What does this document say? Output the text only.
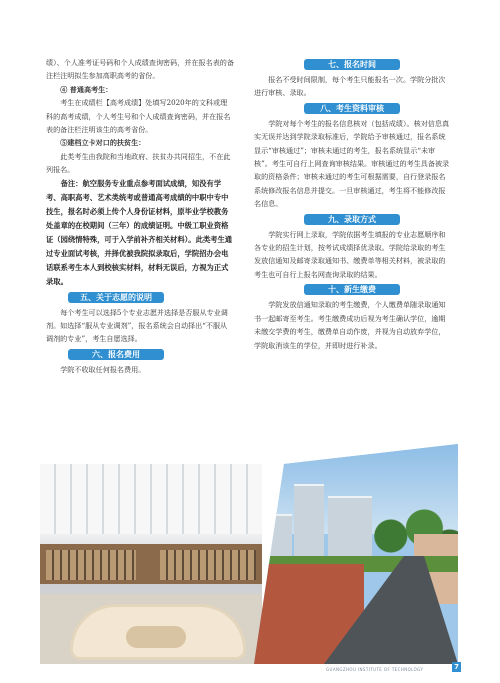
绩）、个人准考证号码和个人成绩查询密码，并在报名表的备注栏注明拟生参加高职高考的省份。

④ 普通高考生：

考生在成绩栏【高考成绩】处填写2020年的文科或理科的高考成绩，个人考生号和个人成绩查询密码，并在报名表的备注栏注明该生的高考省份。

⑤建档立卡对口的扶贫生：

此类考生由我院和当地政府、扶贫办共同招生，不在此列报名。

备注：航空服务专业重点参考面试成绩，知没有学考、高职高考、艺术类统考或普通高考成绩的中职中专中技生，报名时必须上传个人身份证材料，原毕业学校教务处盖章的在校期间（三年）的成绩证明。中级工职业资格证（园绕情特殊，可于入学前补齐相关材料）。此类考生通过专业面试考核，并择优被我院拟录取后，学院招办会电话联系考生本人到校核实材料，材料无误后，方视为正式录取。

五、关于志愿的说明

每个考生可以选择5个专业志愿并选择是否服从专业调剂。如选择“服从专业调剂”，报名系统会自动择出“不服从调剂的专业”，考生自愿选择。

六、报名费用

学院不收取任何报名费用。

七、报名时间

报名不受时间限制，每个考生只能报名一次。学院分批次进行审核、录取。

八、考生资料审核

学院对每个考生的报名信息核对（包括成绩）。核对信息真实无误并达到学院录取标准后，学院给予审核通过，报名系统显示“审核通过”；审核未通过的考生，报名系统显示“未审核”。考生可自行上网查询审核结果。审核通过的考生具备被录取的资格条件；审核未通过的考生可根据需要，自行登录报名系统修改报名信息并提交。一旦审核通过，考生将不能修改报名信息。

九、录取方式

学院实行网上录取，学院依据考生填报的专业志愿顺序和各专业的招生计划，按考试成绩择优录取。学院给录取的考生发放信通知及邮寄录取通知书、缴费单等相关材料，被录取的考生也可自行上报名网查询录取的结果。

十、新生缴费

学院发放信通知录取的考生缴费，个人缴费单随录取通知书一起邮寄至考生。考生缴费成功后视为考生确认学位，逾期未缴交学费的考生，缴费单自动作废，并视为自动放弃学位，学院取消该生的学位，并即时进行补录。

GUANGZHOU INSTITUTE OF TECHNOLOGY	7
